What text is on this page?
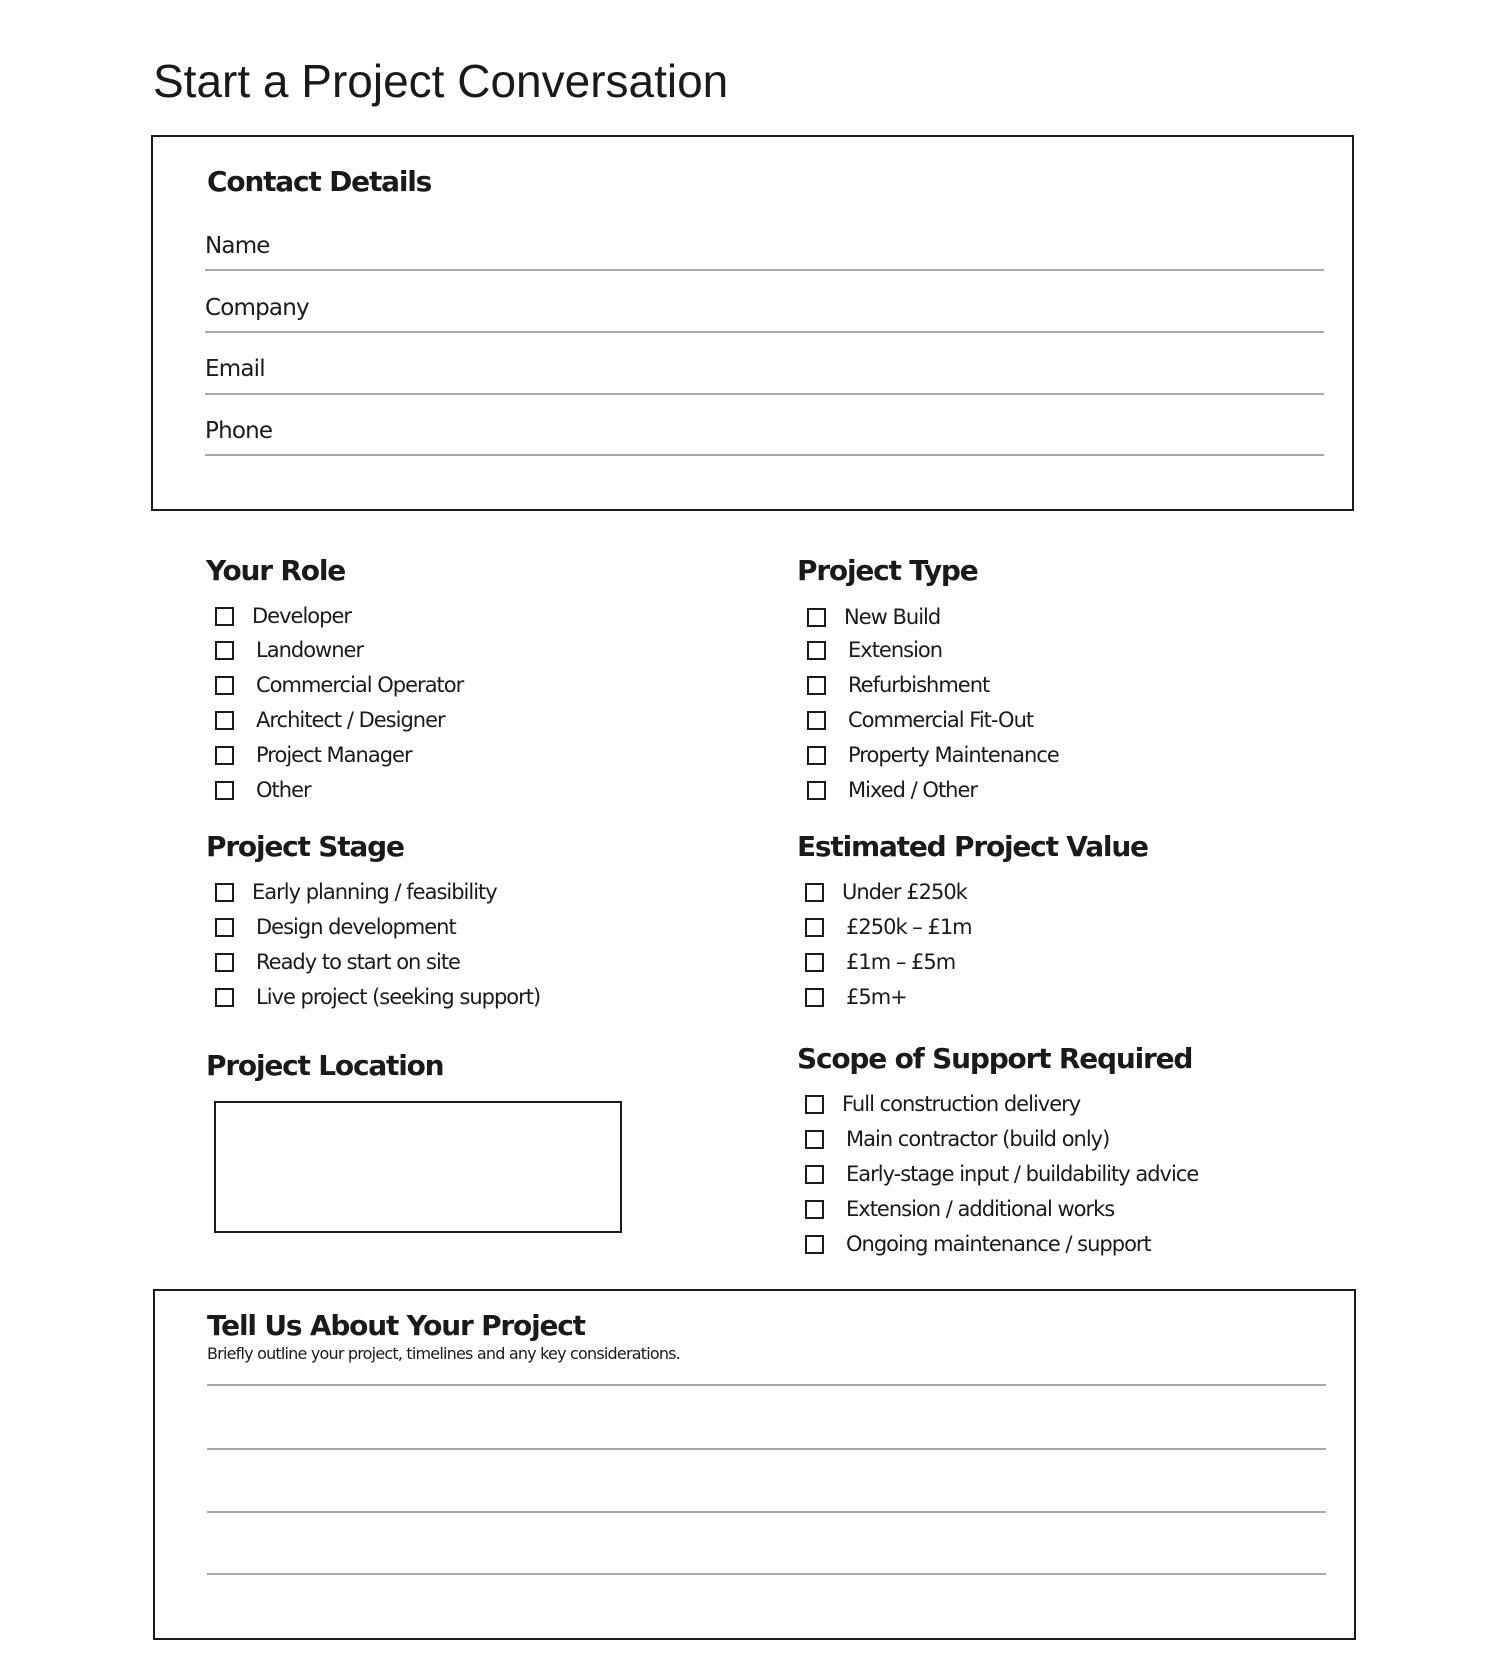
Start a Project Conversation
Contact Details
Name
Company
Email
Phone
Your Role
Developer
Landowner
Commercial Operator
Architect / Designer
Project Manager
Other
Project Type
New Build
Extension
Refurbishment
Commercial Fit-Out
Property Maintenance
Mixed / Other
Project Stage
Early planning / feasibility
Design development
Ready to start on site
Live project (seeking support)
Estimated Project Value
Under £250k
£250k – £1m
£1m – £5m
£5m+
Project Location	Scope of Support Required
Full construction delivery
Main contractor (build only)
Early-stage input / buildability advice
Extension / additional works
Ongoing maintenance / support
Tell Us About Your Project

Briefly outline your project, timelines and any key considerations.
